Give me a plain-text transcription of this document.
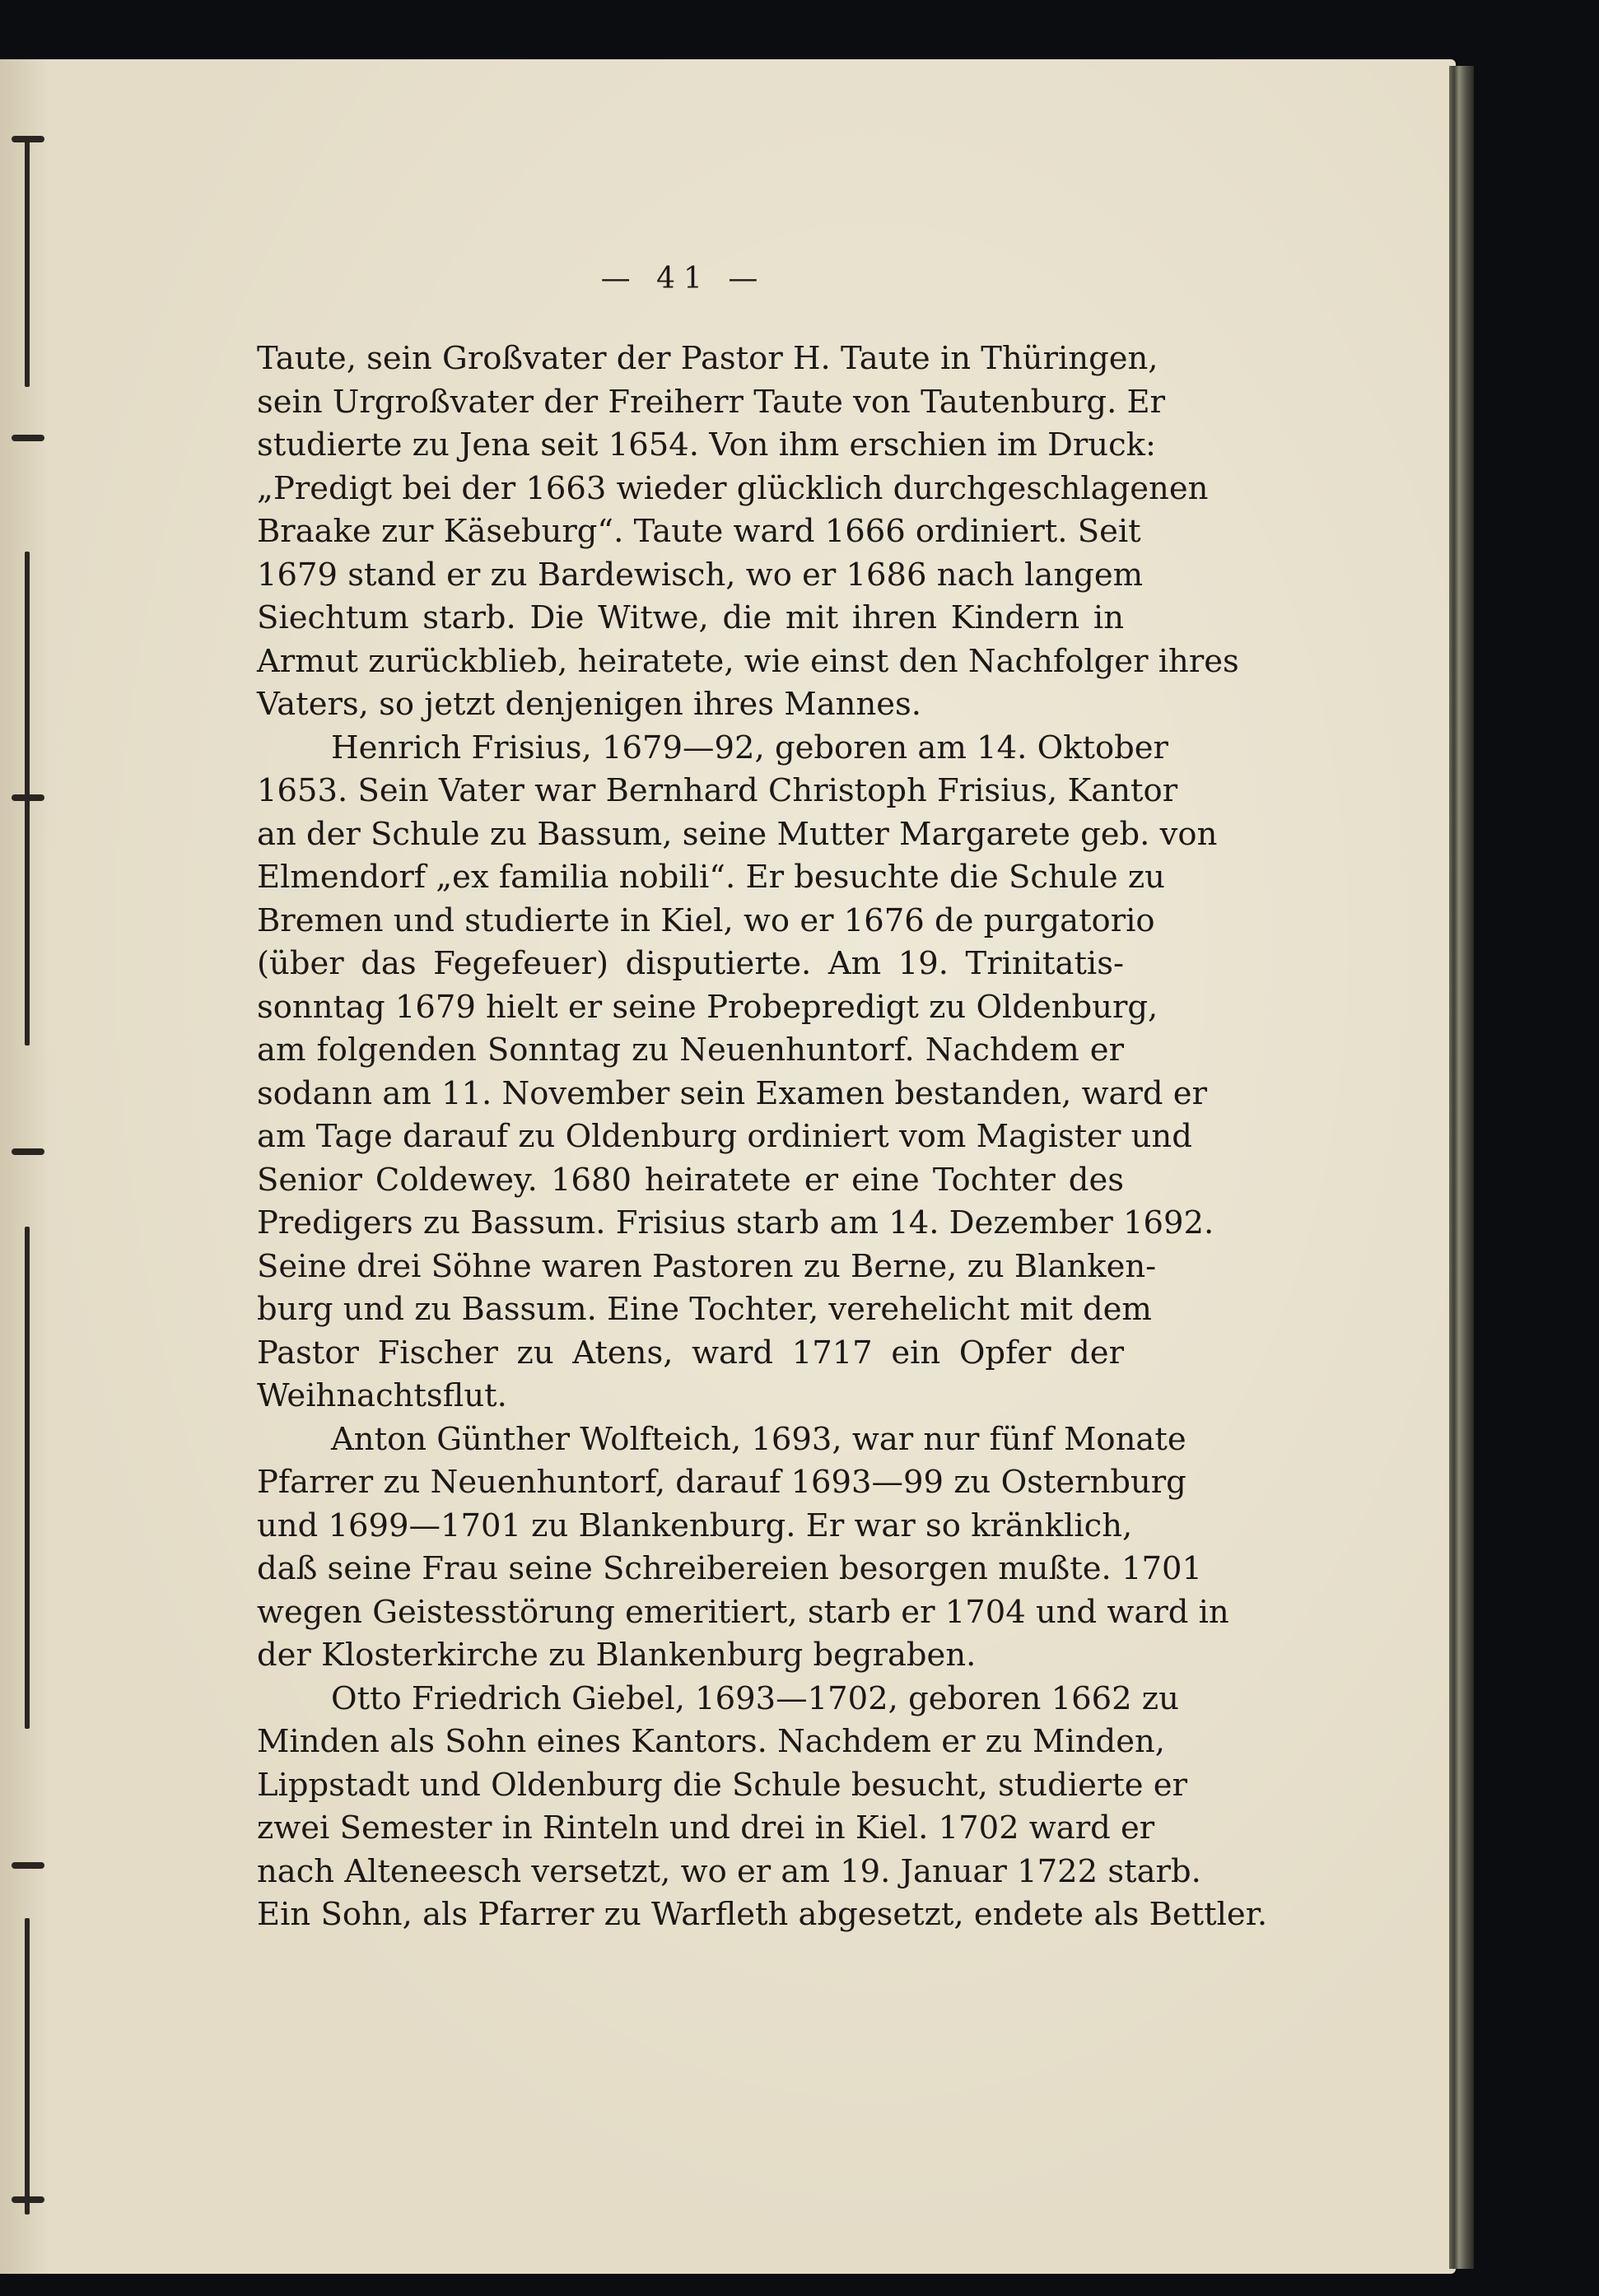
— 41 —
Taute, sein Großvater der Pastor H. Taute in Thüringen,
sein Urgroßvater der Freiherr Taute von Tautenburg. Er
studierte zu Jena seit 1654. Von ihm erschien im Druck:
„Predigt bei der 1663 wieder glücklich durchgeschlagenen
Braake zur Käseburg“. Taute ward 1666 ordiniert. Seit
1679 stand er zu Bardewisch, wo er 1686 nach langem
Siechtum starb. Die Witwe, die mit ihren Kindern in
Armut zurückblieb, heiratete, wie einst den Nachfolger ihres
Vaters, so jetzt denjenigen ihres Mannes.
Henrich Frisius, 1679—92, geboren am 14. Oktober
1653. Sein Vater war Bernhard Christoph Frisius, Kantor
an der Schule zu Bassum, seine Mutter Margarete geb. von
Elmendorf „ex familia nobili“. Er besuchte die Schule zu
Bremen und studierte in Kiel, wo er 1676 de purgatorio
(über das Fegefeuer) disputierte. Am 19. Trinitatis-
sonntag 1679 hielt er seine Probepredigt zu Oldenburg,
am folgenden Sonntag zu Neuenhuntorf. Nachdem er
sodann am 11. November sein Examen bestanden, ward er
am Tage darauf zu Oldenburg ordiniert vom Magister und
Senior Coldewey. 1680 heiratete er eine Tochter des
Predigers zu Bassum. Frisius starb am 14. Dezember 1692.
Seine drei Söhne waren Pastoren zu Berne, zu Blanken-
burg und zu Bassum. Eine Tochter, verehelicht mit dem
Pastor Fischer zu Atens, ward 1717 ein Opfer der
Weihnachtsflut.
Anton Günther Wolfteich, 1693, war nur fünf Monate
Pfarrer zu Neuenhuntorf, darauf 1693—99 zu Osternburg
und 1699—1701 zu Blankenburg. Er war so kränklich,
daß seine Frau seine Schreibereien besorgen mußte. 1701
wegen Geistesstörung emeritiert, starb er 1704 und ward in
der Klosterkirche zu Blankenburg begraben.
Otto Friedrich Giebel, 1693—1702, geboren 1662 zu
Minden als Sohn eines Kantors. Nachdem er zu Minden,
Lippstadt und Oldenburg die Schule besucht, studierte er
zwei Semester in Rinteln und drei in Kiel. 1702 ward er
nach Alteneesch versetzt, wo er am 19. Januar 1722 starb.
Ein Sohn, als Pfarrer zu Warfleth abgesetzt, endete als Bettler.
